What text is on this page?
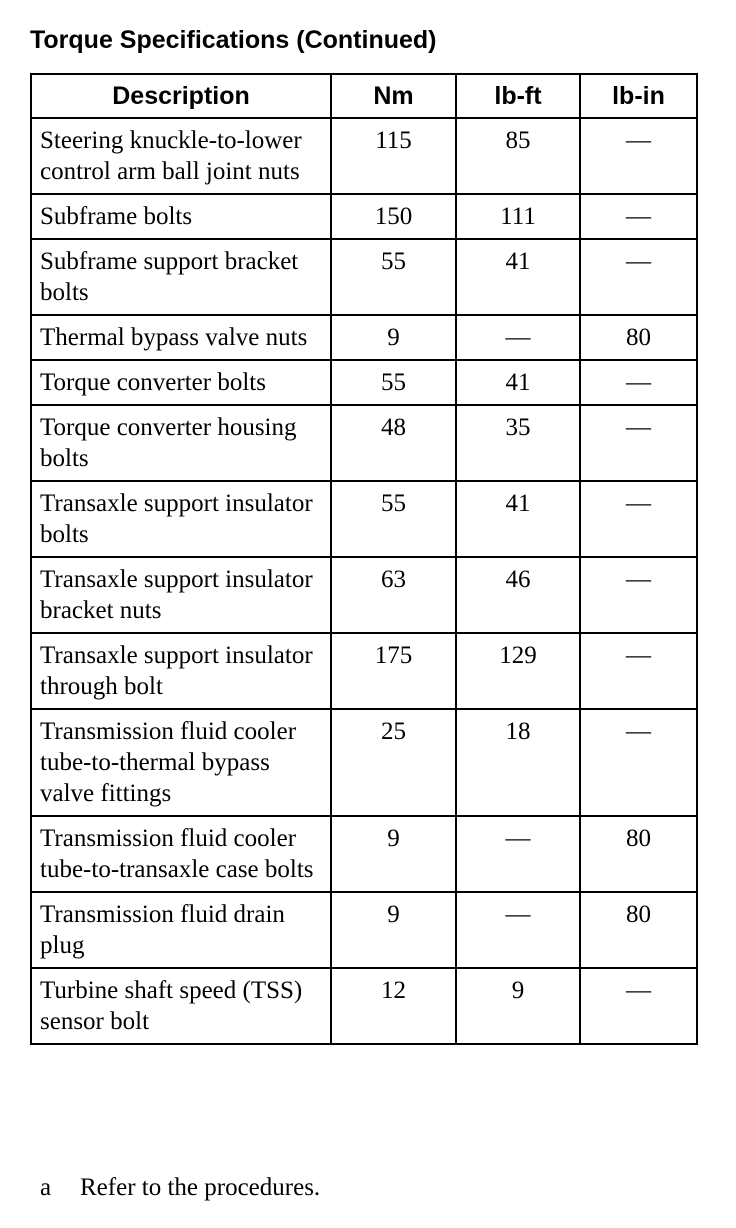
Torque Specifications (Continued)
Description	Nm	lb-ft	lb-in
Steering knuckle-to-lower control arm ball joint nuts	115	85	—
Subframe bolts	150	111	—
Subframe support bracket bolts	55	41	—
Thermal bypass valve nuts	9	—	80
Torque converter bolts	55	41	—
Torque converter housing bolts	48	35	—
Transaxle support insulator bolts	55	41	—
Transaxle support insulator bracket nuts	63	46	—
Transaxle support insulator through bolt	175	129	—
Transmission fluid cooler tube-to-thermal bypass valve fittings	25	18	—
Transmission fluid cooler tube-to-transaxle case bolts	9	—	80
Transmission fluid drain plug	9	—	80
Turbine shaft speed (TSS) sensor bolt	12	9	—
a Refer to the procedures.
